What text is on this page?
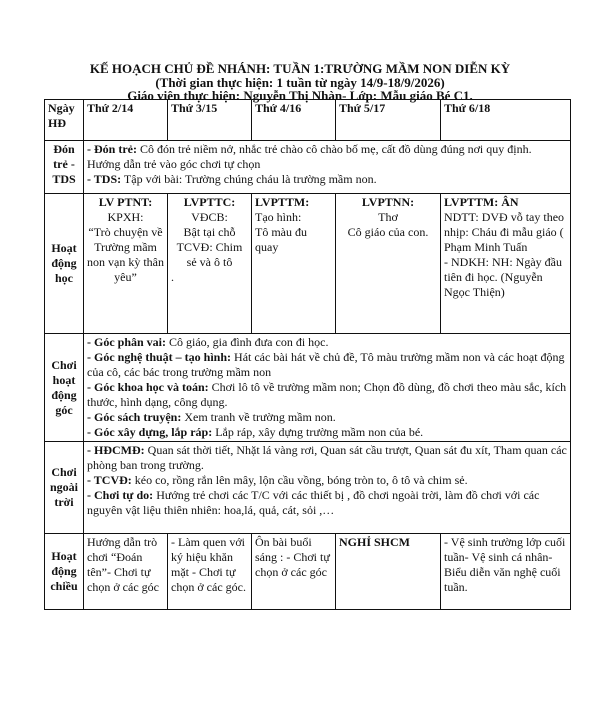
KẾ HOẠCH CHỦ ĐỀ NHÁNH: TUẦN 1:TRƯỜNG MẦM NON DIỄN KỲ
(Thời gian thực hiện: 1 tuần từ ngày 14/9-18/9/2026)
Giáo viên thực hiện: Nguyễn Thị Nhàn- Lớp: Mẫu giáo Bé C1.
Ngày HĐ	Thứ 2/14	Thứ 3/15	Thứ 4/16	Thứ 5/17	Thứ 6/18
Đón trẻ - TDS	- Đón trẻ: Cô đón trẻ niềm nở, nhắc trẻ chào cô chào bố mẹ, cất đồ dùng đúng nơi quy định. Hướng dẫn trẻ vào góc chơi tự chọn
- TDS: Tập với bài: Trường chúng cháu là trường mầm non.				
Hoạt động học	LV PTNT:
KPXH:
“Trò chuyện về Trường mầm non vạn kỳ thân yêu”	LVPTTC:
VĐCB:
Bật tại chỗ TCVĐ: Chim sẻ và ô tô
.	LVPTTM:
Tạo hình:
Tô màu đu quay	LVPTNN:
Thơ
Cô giáo của con.	LVPTTM: ÂN
NDTT: DVĐ vỗ tay theo nhịp: Cháu đi mẫu giáo ( Phạm Minh Tuấn
- NDKH: NH: Ngày đầu tiên đi học. (Nguyễn Ngọc Thiện)

Chơi hoạt động góc	- Góc phân vai: Cô giáo, gia đình đưa con đi học.
- Góc nghệ thuật – tạo hình: Hát các bài hát về chủ đề, Tô màu trường mầm non và các hoạt động của cô, các bác trong trường mầm non
- Góc khoa học và toán: Chơi lô tô về trường mầm non; Chọn đồ dùng, đồ chơi theo màu sắc, kích thước, hình dạng, công dụng.
- Góc sách truyện: Xem tranh về trường mầm non.
- Góc xây dựng, lắp ráp: Lắp ráp, xây dựng trường mầm non của bé.				

Chơi ngoài trời	- HĐCMĐ: Quan sát thời tiết, Nhặt lá vàng rơi, Quan sát cầu trượt, Quan sát đu xít, Tham quan các phòng ban trong trường.
- TCVĐ: kéo co, rồng rắn lên mây, lộn cầu vồng, bóng tròn to, ô tô và chim sẻ.
- Chơi tự do: Hướng trẻ chơi các T/C với các thiết bị , đồ chơi ngoài trời, làm đồ chơi với các nguyên vật liệu thiên nhiên: hoa,lá, quả, cát, sỏi ,…				

Hoạt động chiều	Hướng dẫn trò chơi “Đoán tên”- Chơi tự chọn ở các góc	- Làm quen với ký hiệu khăn mặt - Chơi tự chọn ở các góc.	Ôn bài buổi sáng : - Chơi tự chọn ở các góc	NGHỈ SHCM	- Vệ sinh trường lớp cuối tuần- Vệ sinh cá nhân- Biểu diễn văn nghệ cuối tuần.
